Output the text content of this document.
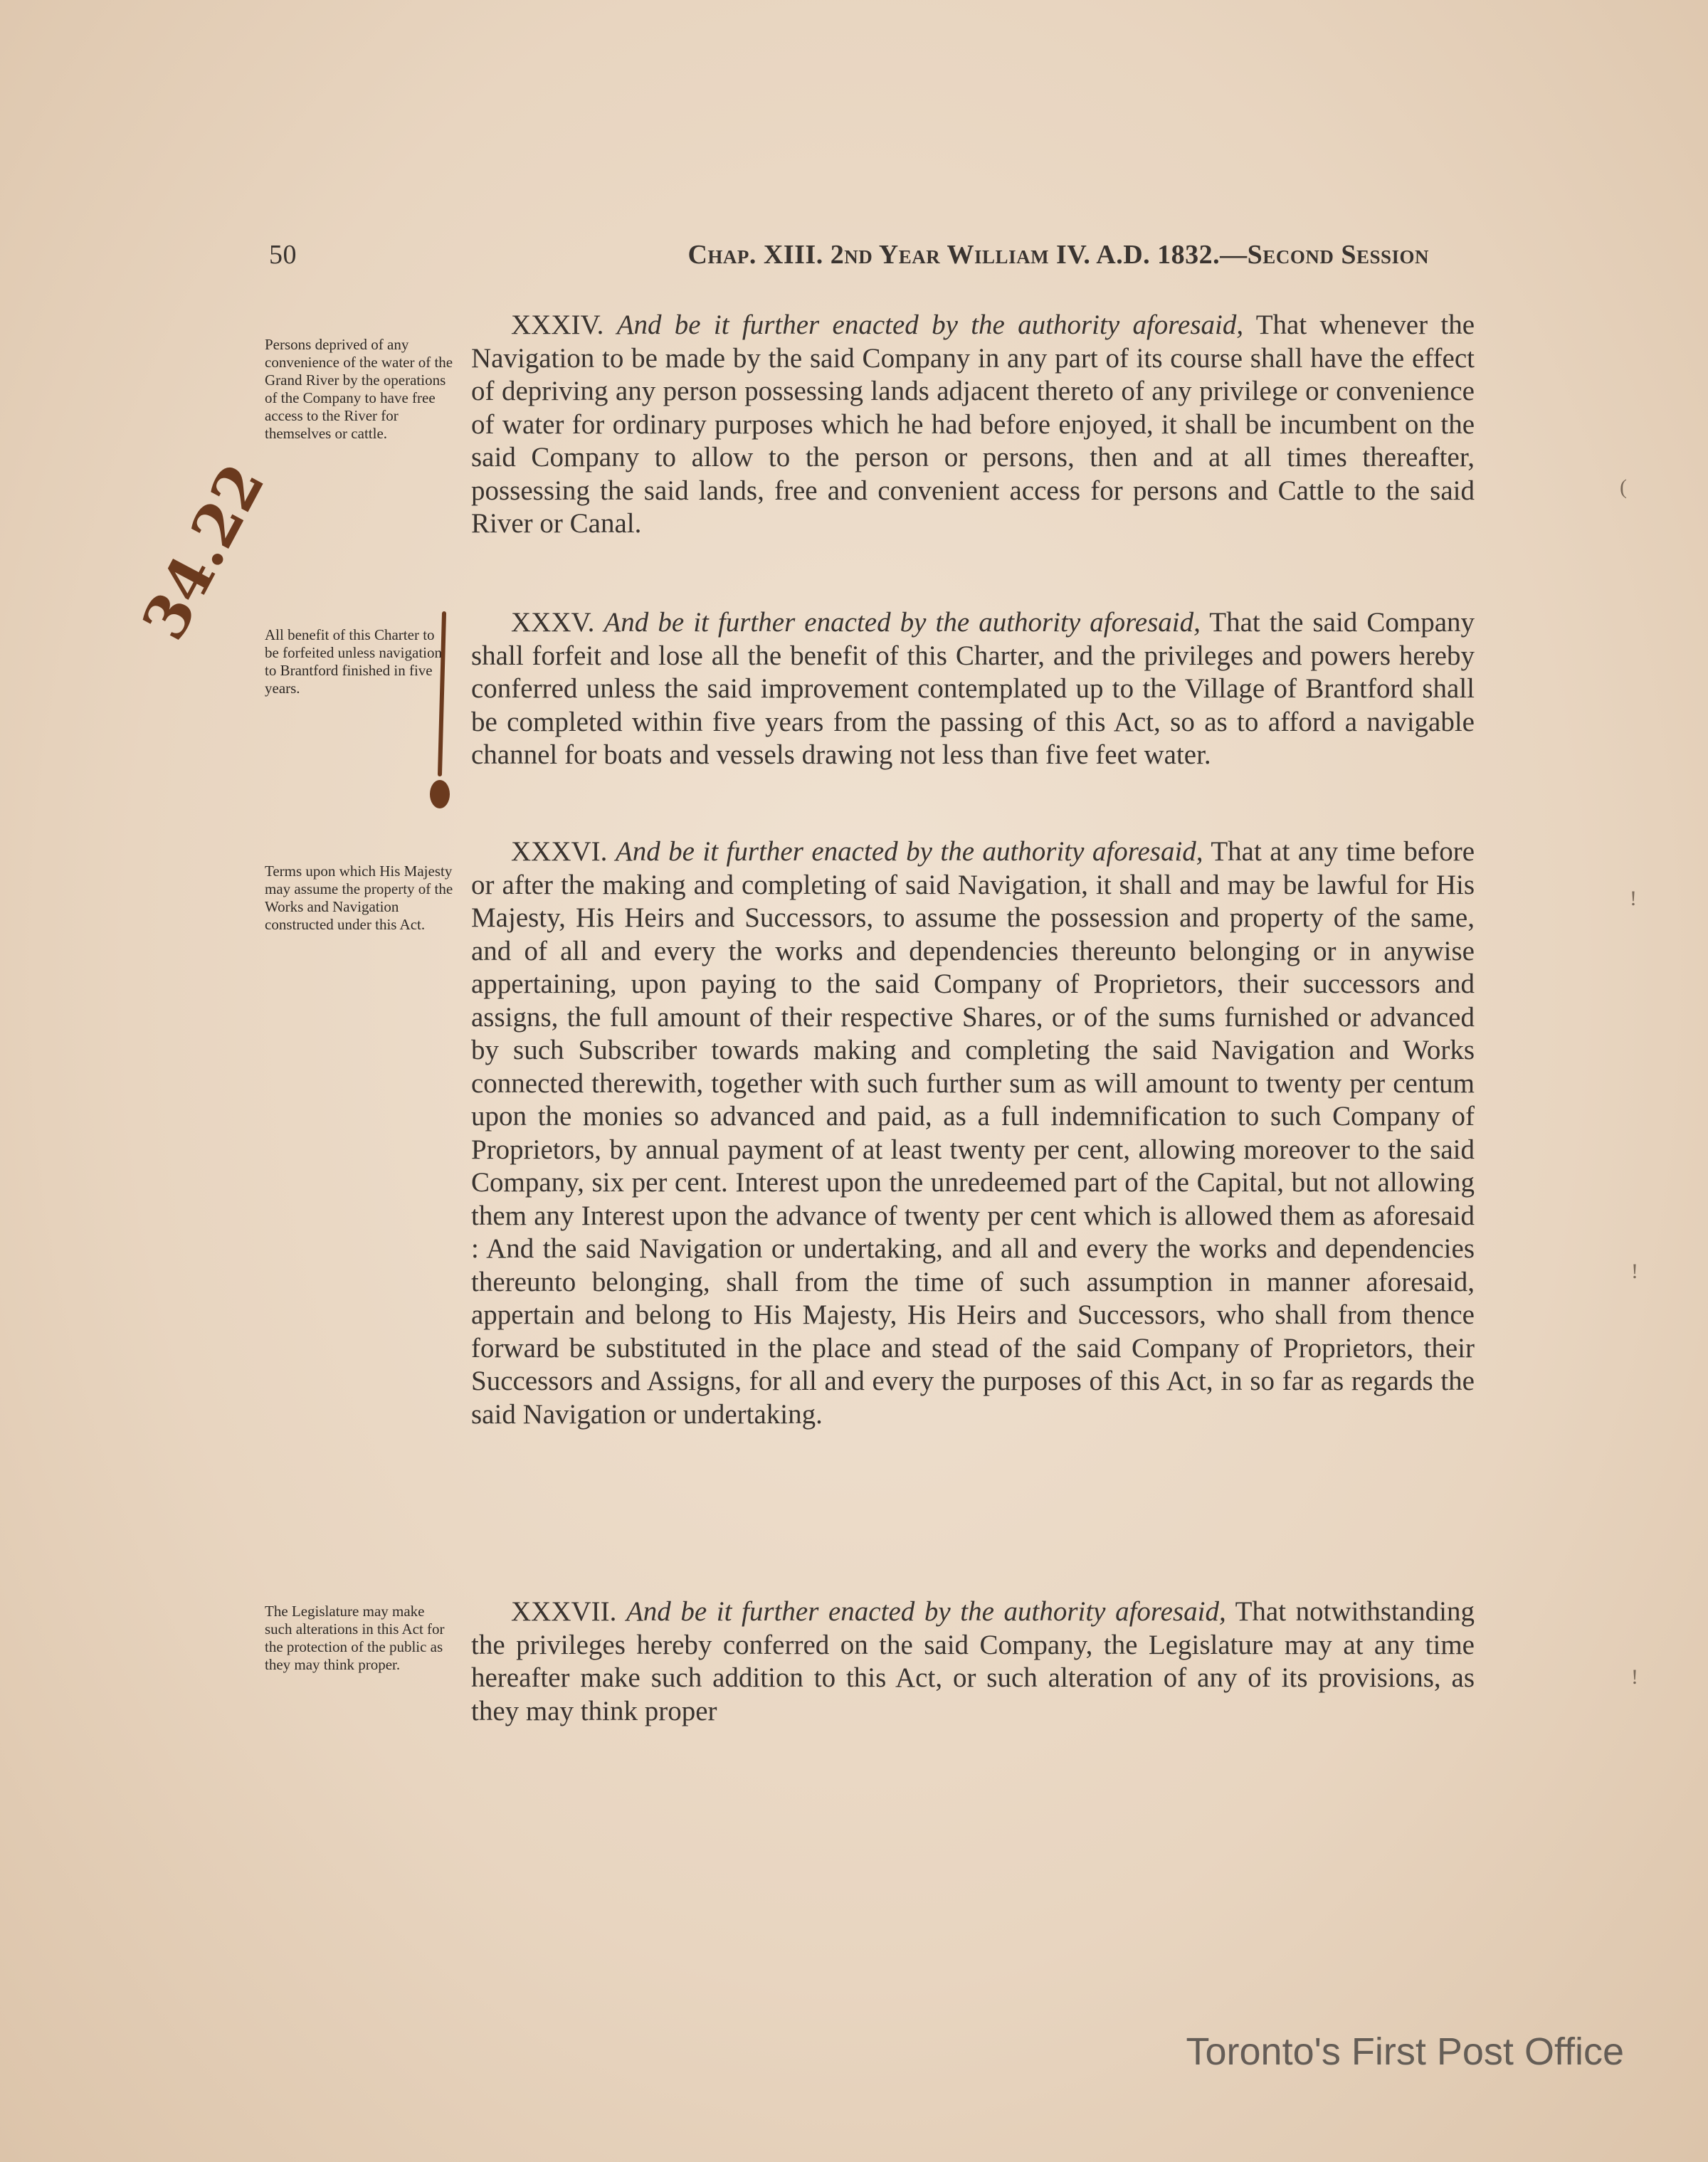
50	Chap. XIII. 2nd Year William IV. A.D. 1832.—Second Session
Persons deprived of any convenience of the water of the Grand River by the operations of the Company to have free access to the River for themselves or cattle.
All benefit of this Charter to be forfeited unless navigation to Brantford finished in five years.
Terms upon which His Majesty may assume the property of the Works and Navigation constructed under this Act.
The Legislature may make such alterations in this Act for the protection of the public as they may think proper.
34.22

XXXIV. And be it further enacted by the authority aforesaid, That whenever the Navigation to be made by the said Company in any part of its course shall have the effect of depriving any person possessing lands adjacent thereto of any privilege or convenience of water for ordinary purposes which he had before enjoyed, it shall be incumbent on the said Company to allow to the person or persons, then and at all times thereafter, possessing the said lands, free and convenient access for persons and Cattle to the said River or Canal.

XXXV. And be it further enacted by the authority aforesaid, That the said Company shall forfeit and lose all the benefit of this Charter, and the privileges and powers hereby conferred unless the said improvement contemplated up to the Village of Brantford shall be completed within five years from the passing of this Act, so as to afford a navigable channel for boats and vessels drawing not less than five feet water.

XXXVI. And be it further enacted by the authority aforesaid, That at any time before or after the making and completing of said Navigation, it shall and may be lawful for His Majesty, His Heirs and Successors, to assume the possession and property of the same, and of all and every the works and dependencies thereunto belonging or in anywise appertaining, upon paying to the said Company of Proprietors, their successors and assigns, the full amount of their respective Shares, or of the sums furnished or advanced by such Subscriber towards making and completing the said Navigation and Works connected therewith, together with such further sum as will amount to twenty per centum upon the monies so advanced and paid, as a full indemnification to such Company of Proprietors, by annual payment of at least twenty per cent, allowing moreover to the said Company, six per cent. Interest upon the unredeemed part of the Capital, but not allowing them any Interest upon the advance of twenty per cent which is allowed them as aforesaid : And the said Navigation or undertaking, and all and every the works and dependencies thereunto belonging, shall from the time of such assumption in manner aforesaid, appertain and belong to His Majesty, His Heirs and Successors, who shall from thence forward be substituted in the place and stead of the said Company of Proprietors, their Successors and Assigns, for all and every the purposes of this Act, in so far as regards the said Navigation or undertaking.

XXXVII. And be it further enacted by the authority aforesaid, That notwithstanding the privileges hereby conferred on the said Company, the Legislature may at any time hereafter make such addition to this Act, or such alteration of any of its provisions, as they may think proper

(
!
!
!
Toronto's First Post Office
